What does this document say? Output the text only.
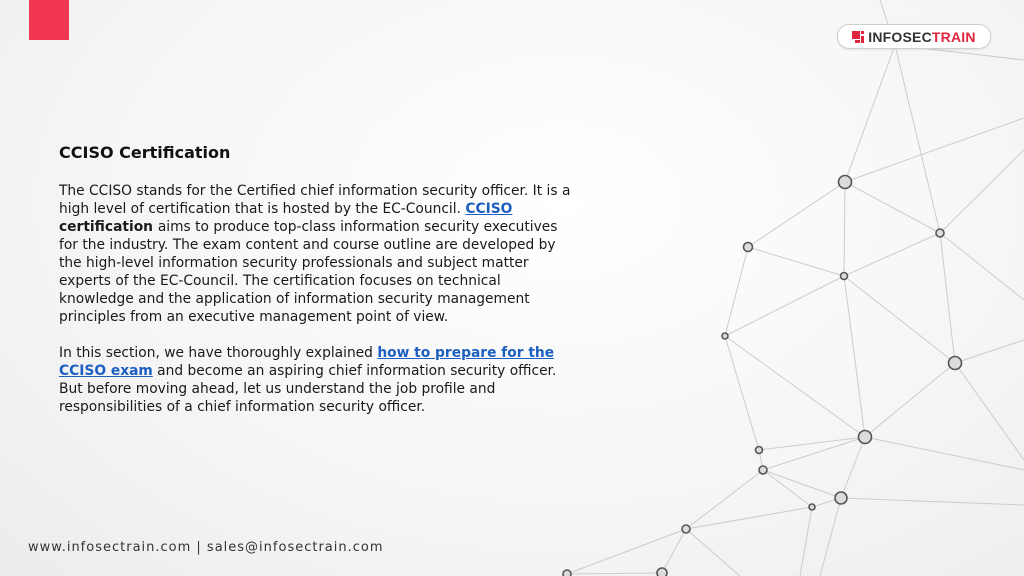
INFOSECTRAIN
CCISO Certification

The CCISO stands for the Certified chief information security officer. It is a high level of certification that is hosted by the EC-Council. CCISO certification aims to produce top-class information security executives for the industry. The exam content and course outline are developed by the high-level information security professionals and subject matter experts of the EC-Council. The certification focuses on technical knowledge and the application of information security management principles from an executive management point of view.

In this section, we have thoroughly explained how to prepare for the CCISO exam and become an aspiring chief information security officer. But before moving ahead, let us understand the job profile and responsibilities of a chief information security officer.

www.infosectrain.com | sales@infosectrain.com
